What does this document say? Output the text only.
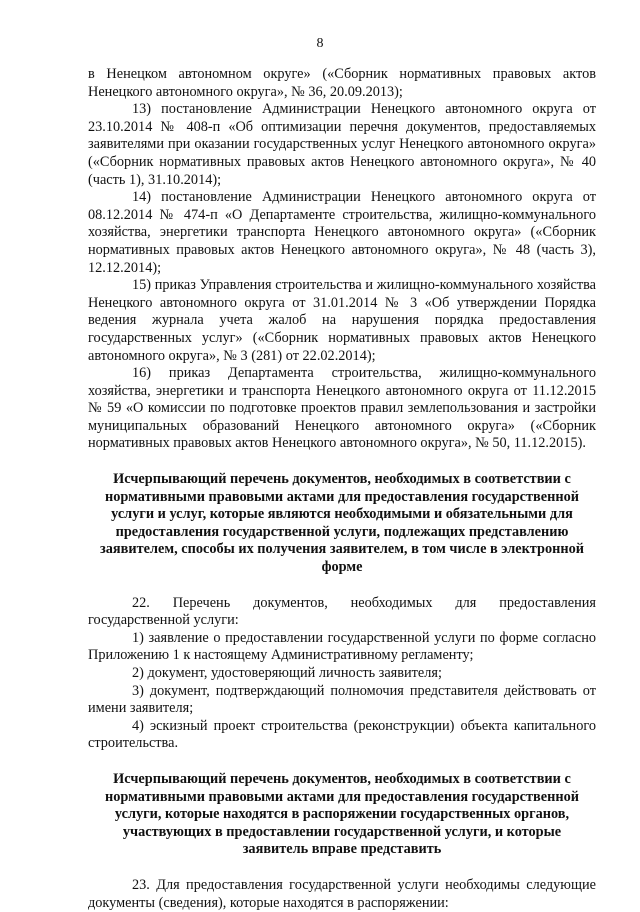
8

в Ненецком автономном округе» («Сборник нормативных правовых актов Ненецкого автономного округа», № 36, 20.09.2013);

13) постановление Администрации Ненецкого автономного округа от 23.10.2014 № 408-п «Об оптимизации перечня документов, предоставляемых заявителями при оказании государственных услуг Ненецкого автономного округа» («Сборник нормативных правовых актов Ненецкого автономного округа», № 40 (часть 1), 31.10.2014);

14) постановление Администрации Ненецкого автономного округа от 08.12.2014 № 474-п «О Департаменте строительства, жилищно-коммунального хозяйства, энергетики транспорта Ненецкого автономного округа» («Сборник нормативных правовых актов Ненецкого автономного округа», № 48 (часть 3), 12.12.2014);

15) приказ Управления строительства и жилищно-коммунального хозяйства Ненецкого автономного округа от 31.01.2014 № 3 «Об утверждении Порядка ведения журнала учета жалоб на нарушения порядка предоставления государственных услуг» («Сборник нормативных правовых актов Ненецкого автономного округа», № 3 (281) от 22.02.2014);

16) приказ Департамента строительства, жилищно-коммунального хозяйства, энергетики и транспорта Ненецкого автономного округа от 11.12.2015 № 59 «О комиссии по подготовке проектов правил землепользования и застройки муниципальных образований Ненецкого автономного округа» («Сборник нормативных правовых актов Ненецкого автономного округа», № 50, 11.12.2015).

Исчерпывающий перечень документов, необходимых в соответствии с нормативными правовыми актами для предоставления государственной услуги и услуг, которые являются необходимыми и обязательными для предоставления государственной услуги, подлежащих представлению заявителем, способы их получения заявителем, в том числе в электронной форме

22. Перечень документов, необходимых для предоставления государственной услуги:

1) заявление о предоставлении государственной услуги по форме согласно Приложению 1 к настоящему Административному регламенту;

2) документ, удостоверяющий личность заявителя;

3) документ, подтверждающий полномочия представителя действовать от имени заявителя;

4) эскизный проект строительства (реконструкции) объекта капитального строительства.

Исчерпывающий перечень документов, необходимых в соответствии с нормативными правовыми актами для предоставления государственной услуги, которые находятся в распоряжении государственных органов, участвующих в предоставлении государственной услуги, и которые заявитель вправе представить

23. Для предоставления государственной услуги необходимы следующие документы (сведения), которые находятся в распоряжении:
